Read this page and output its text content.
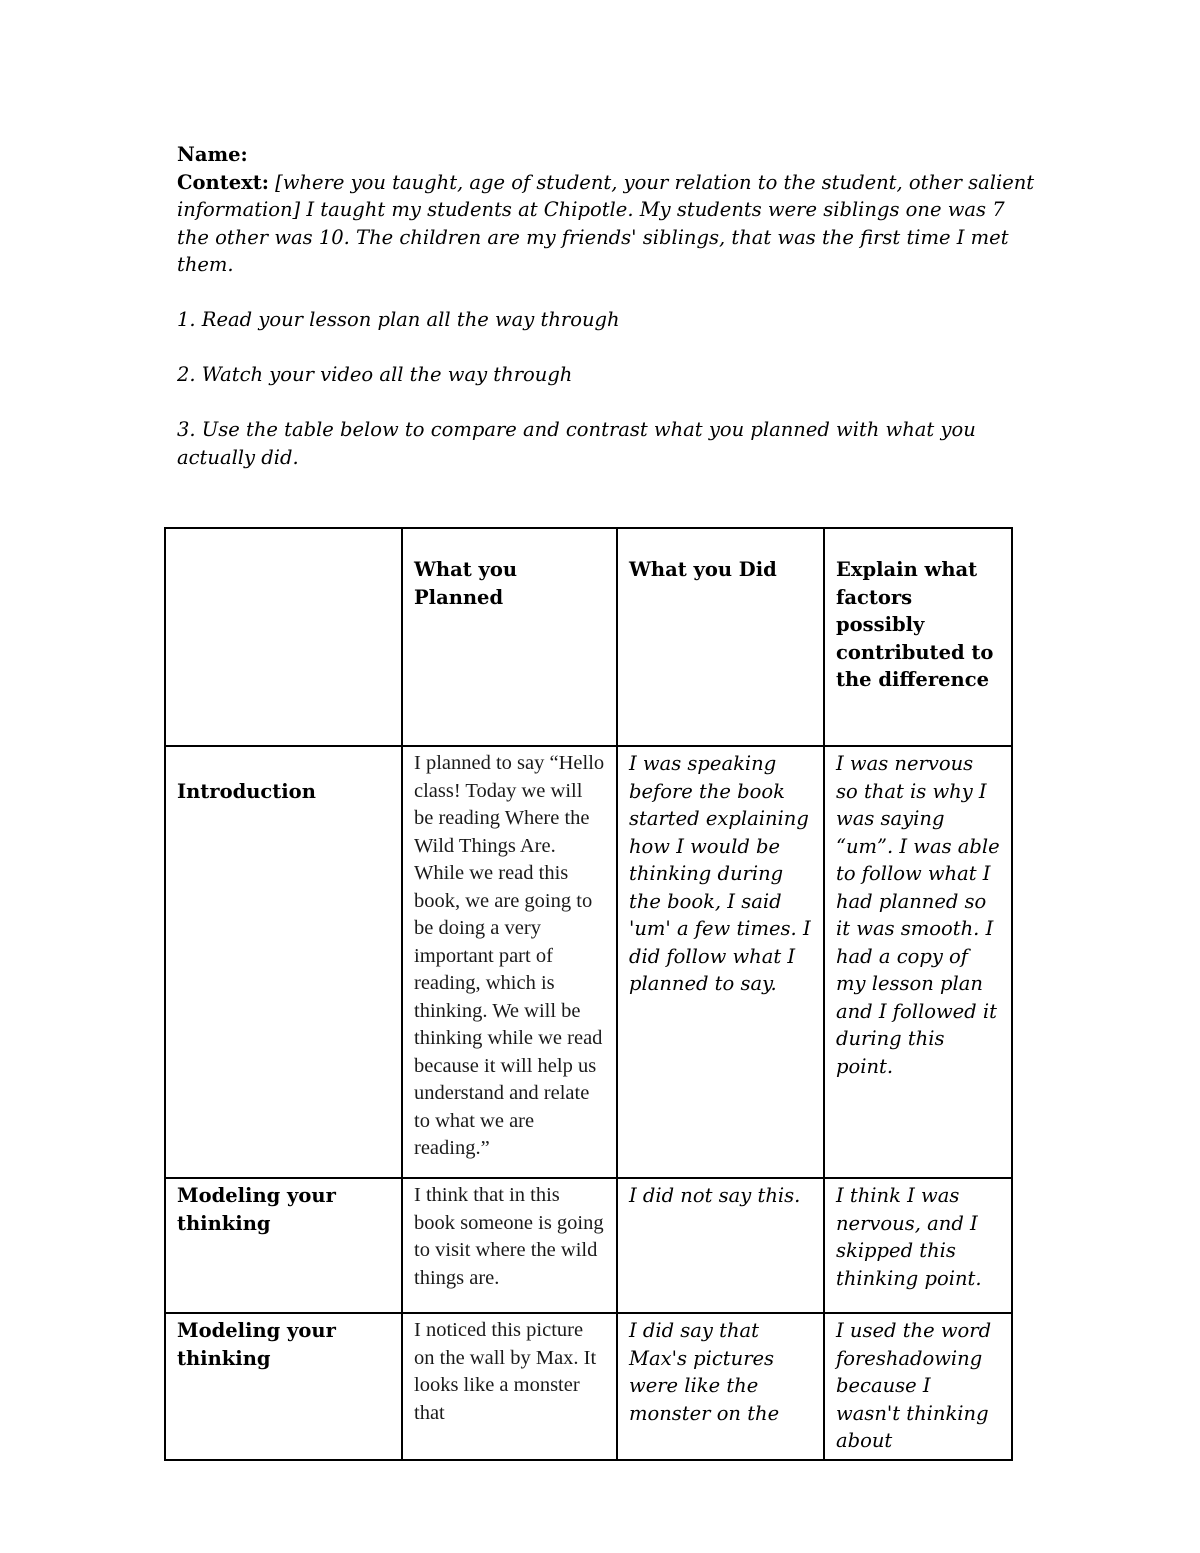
Name:

Context: [where you taught, age of student, your relation to the student, other salient information] I taught my students at Chipotle. My students were siblings one was 7 the other was 10. The children are my friends' siblings, that was the first time I met them.

1. Read your lesson plan all the way through

2. Watch your video all the way through

3. Use the table below to compare and contrast what you planned with what you actually did.

	What you Planned	What you Did	Explain what factors possibly contributed to the difference

Introduction	I planned to say “Hello class! Today we will be reading Where the Wild Things Are. While we read this book, we are going to be doing a very important part of reading, which is thinking. We will be thinking while we read because it will help us understand and relate to what we are reading.”	I was speaking before the book started explaining how I would be thinking during the book, I said 'um' a few times. I did follow what I planned to say.	I was nervous so that is why I was saying “um”. I was able to follow what I had planned so it was smooth. I had a copy of my lesson plan and I followed it during this point.
Modeling your thinking	I think that in this book someone is going to visit where the wild things are.	I did not say this.	I think I was nervous, and I skipped this thinking point.
Modeling your thinking	I noticed this picture on the wall by Max. It looks like a monster that	I did say that Max's pictures were like the monster on the	I used the word foreshadowing because I wasn't thinking about
